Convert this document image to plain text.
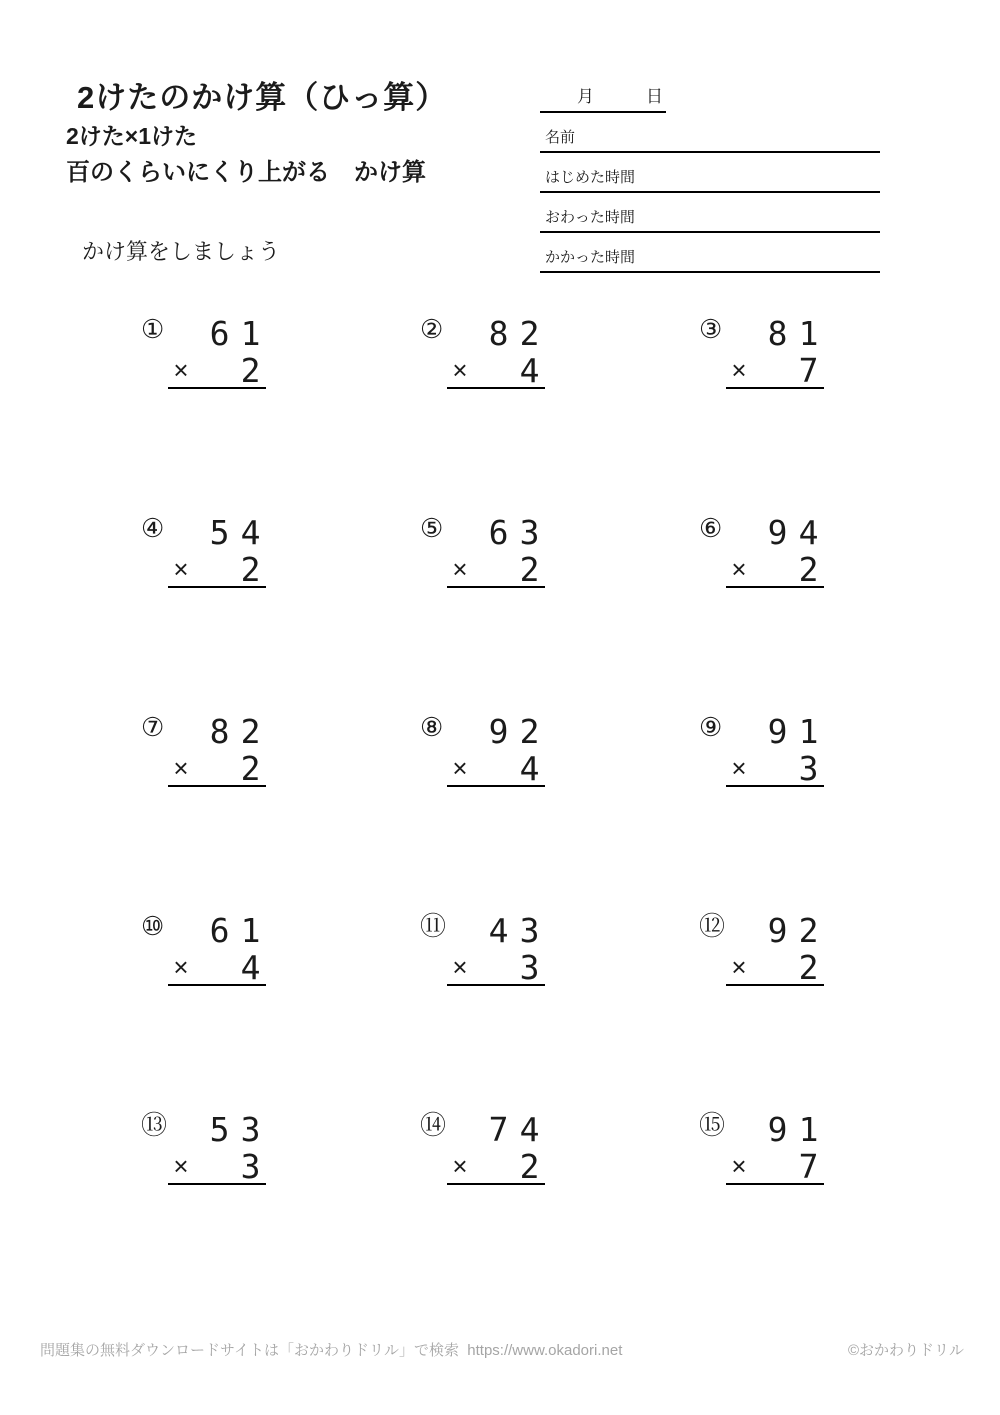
2けたのかけ算（ひっ算）
2けた×1けた
百のくらいにくり上がる　かけ算
かけ算をしましょう
月	日
名前
はじめた時間
おわった時間
かかった時間
① 6 1
× 2
② 8 2
× 4
③ 8 1
× 7
④ 5 4
× 2
⑤ 6 3
× 2
⑥ 9 4
× 2
⑦ 8 2
× 2
⑧ 9 2
× 4
⑨ 9 1
× 3
⑩ 6 1
× 4
⑪ 4 3
× 3
⑫ 9 2
× 2
⑬ 5 3
× 3
⑭ 7 4
× 2
⑮ 9 1
× 7
問題集の無料ダウンロードサイトは「おかわりドリル」で検索  https://www.okadori.net	©おかわりドリル
